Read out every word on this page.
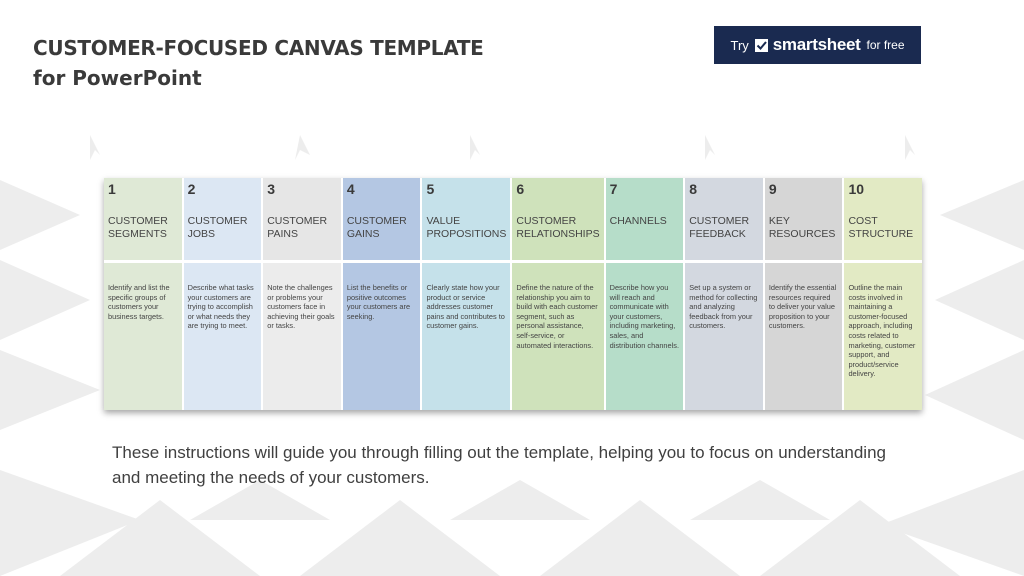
CUSTOMER-FOCUSED CANVAS TEMPLATE
for PowerPoint
Try smartsheet for free
1
CUSTOMER SEGMENTS
Identify and list the specific groups of customers your business targets.
2
CUSTOMER JOBS
Describe what tasks your customers are trying to accomplish or what needs they are trying to meet.
3
CUSTOMER PAINS
Note the challenges or problems your customers face in achieving their goals or tasks.
4
CUSTOMER GAINS
List the benefits or positive outcomes your customers are seeking.
5
VALUE PROPOSITIONS
Clearly state how your product or service addresses customer pains and contributes to customer gains.
6
CUSTOMER RELATIONSHIPS
Define the nature of the relationship you aim to build with each customer segment, such as personal assistance, self-service, or automated interactions.
7
CHANNELS
Describe how you will reach and communicate with your customers, including marketing, sales, and distribution channels.
8
CUSTOMER FEEDBACK
Set up a system or method for collecting and analyzing feedback from your customers.
9
KEY RESOURCES
Identify the essential resources required to deliver your value proposition to your customers.
10
COST STRUCTURE
Outline the main costs involved in maintaining a customer-focused approach, including costs related to marketing, customer support, and product/service delivery.

These instructions will guide you through filling out the template, helping you to focus on understanding and meeting the needs of your customers.
